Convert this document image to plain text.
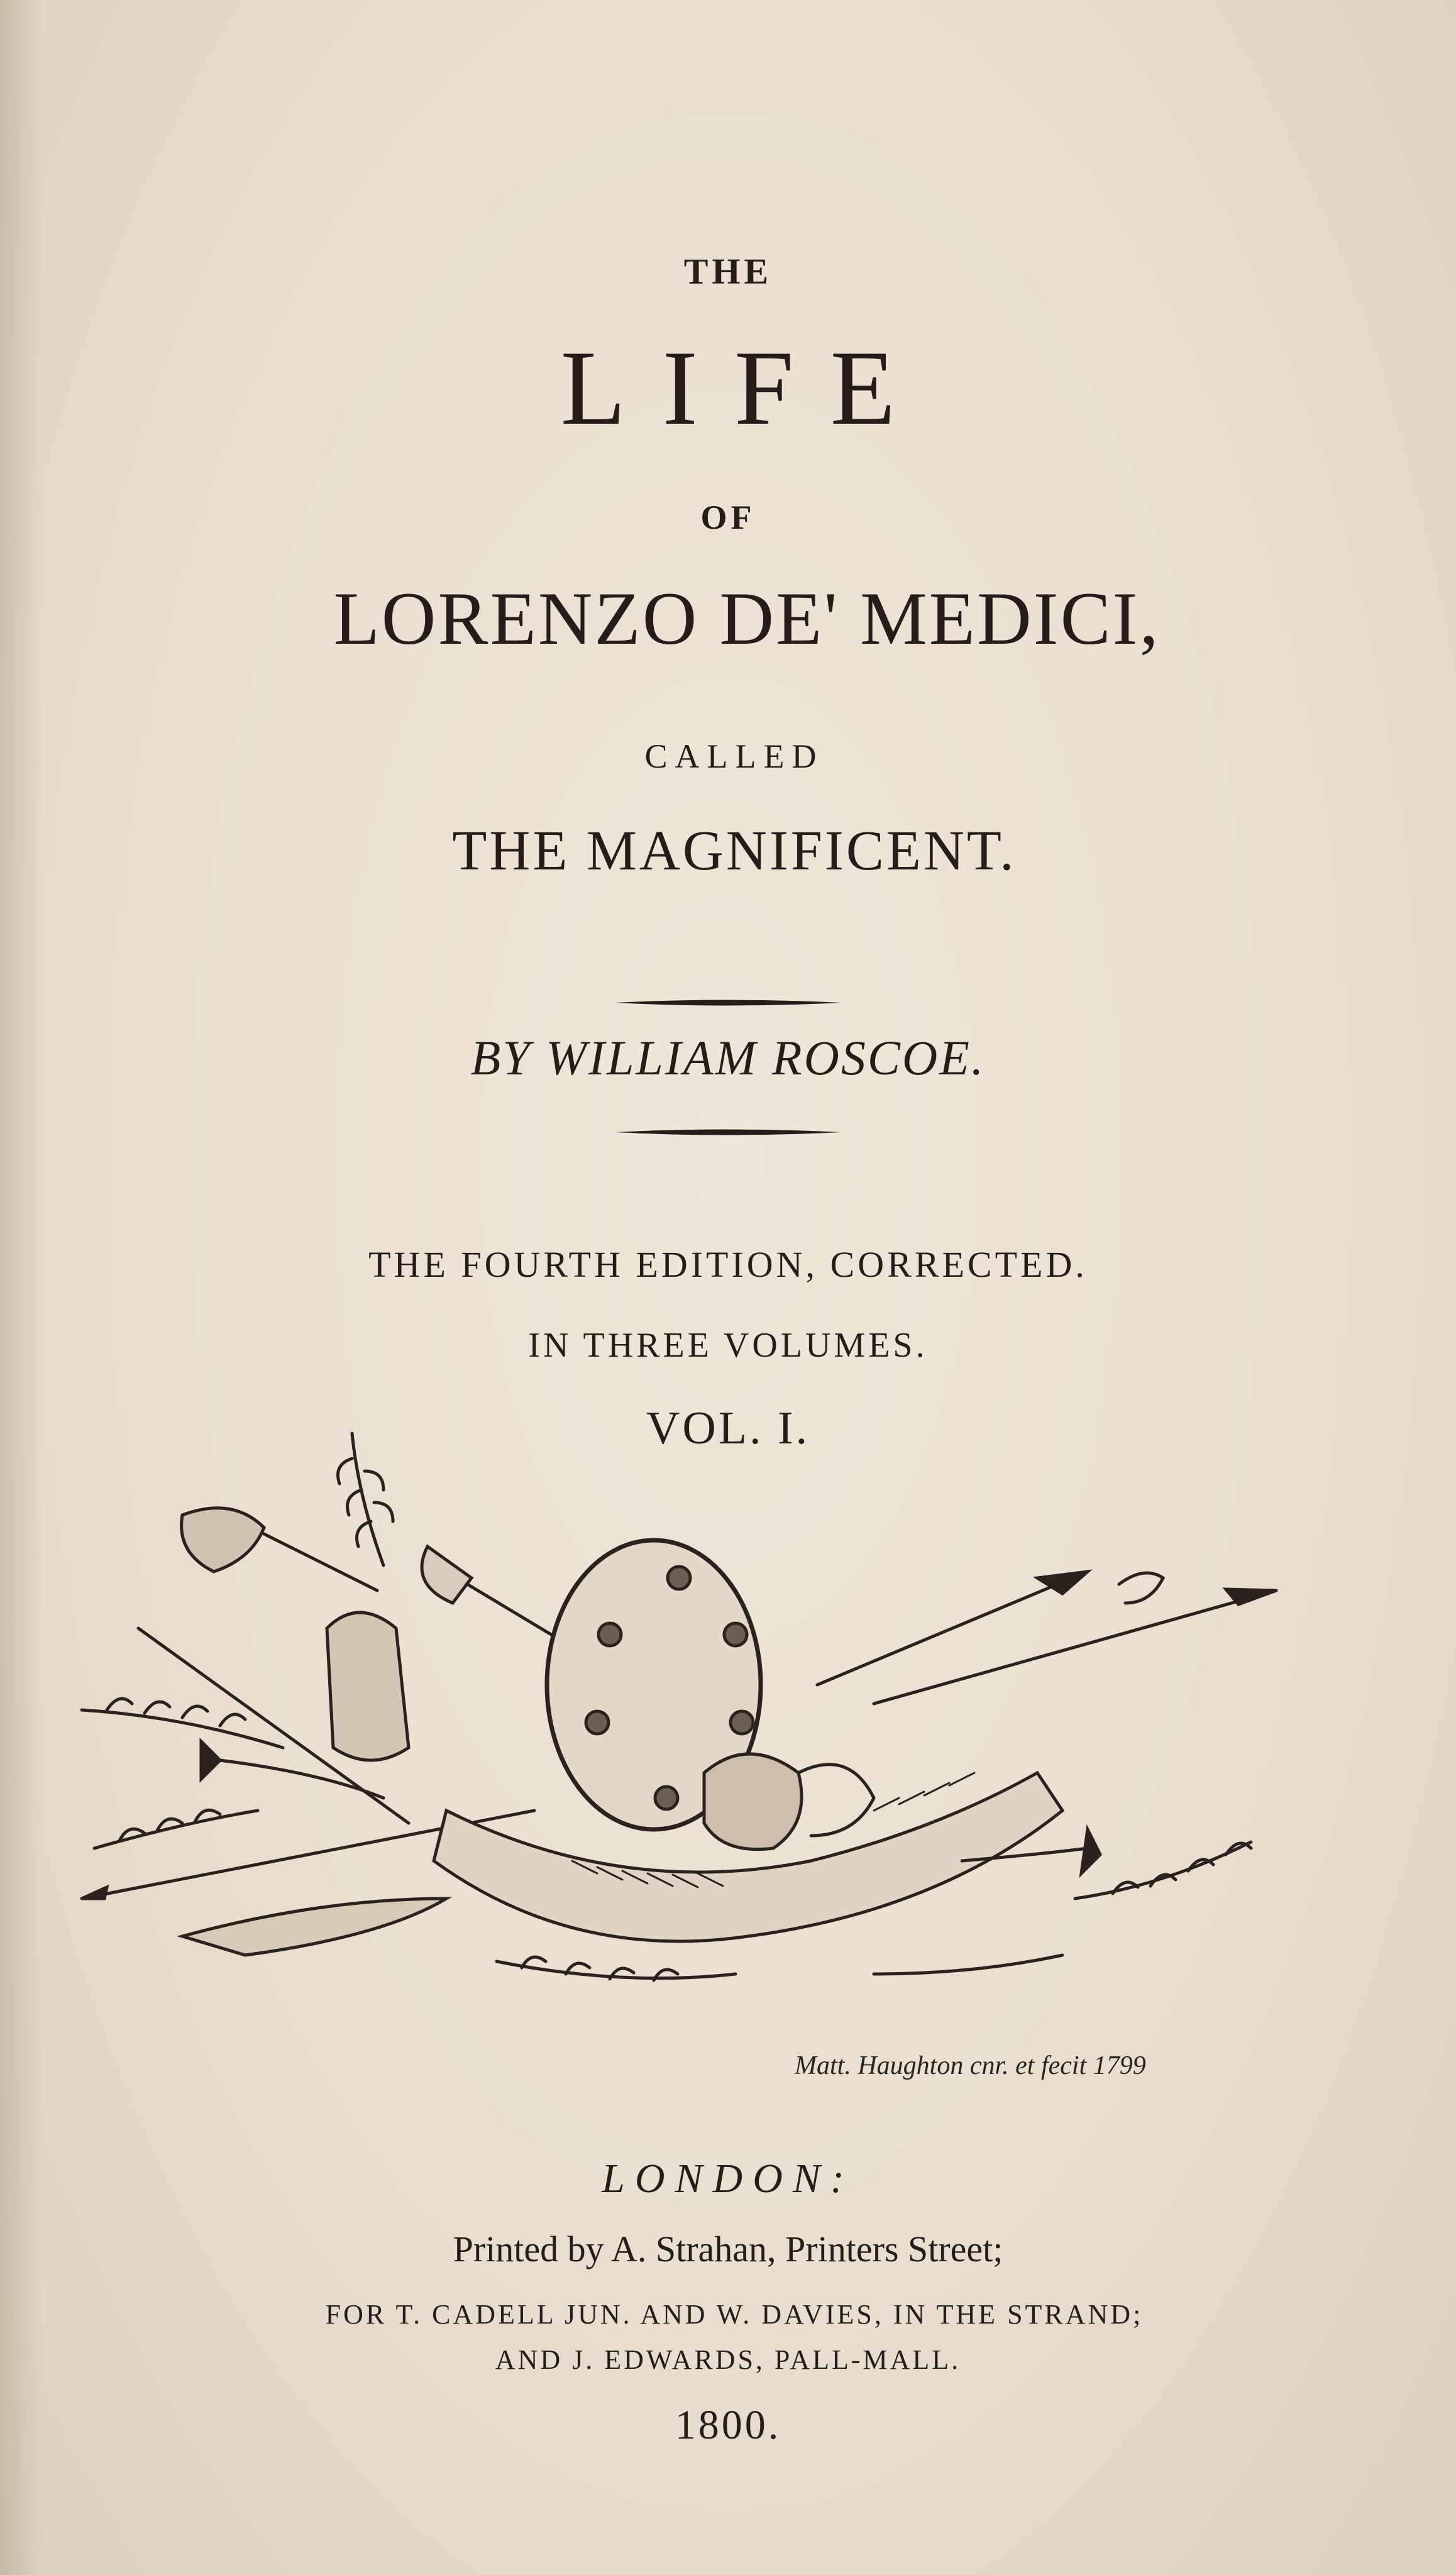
THE

LIFE

OF

LORENZO DE' MEDICI,

CALLED

THE MAGNIFICENT.

BY WILLIAM ROSCOE.

THE FOURTH EDITION, CORRECTED.

IN THREE VOLUMES.

VOL. I.

Matt. Haughton cnr. et fecit 1799

LONDON:

Printed by A. Strahan, Printers Street;

FOR T. CADELL JUN. AND W. DAVIES, IN THE STRAND;

AND J. EDWARDS, PALL-MALL.

1800.
